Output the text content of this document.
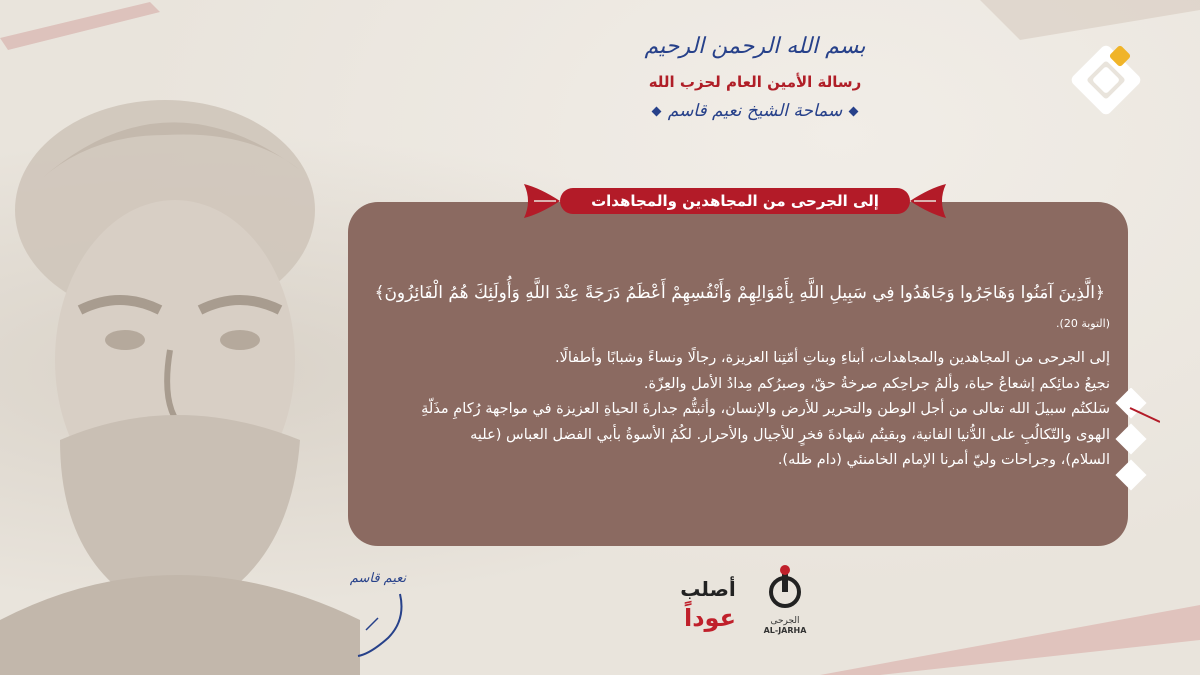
بسم الله الرحمن الرحيم
رسالة الأمين العام لحزب الله
سماحة الشيخ نعيم قاسم
إلى الجرحى من المجاهدين والمجاهدات
﴿الَّذِينَ آمَنُوا وَهَاجَرُوا وَجَاهَدُوا فِي سَبِيلِ اللَّهِ بِأَمْوَالِهِمْ وَأَنْفُسِهِمْ أَعْظَمُ دَرَجَةً عِنْدَ اللَّهِ وَأُولَئِكَ هُمُ الْفَائِزُونَ﴾
(التوبة 20).

إلى الجرحى من المجاهدين والمجاهدات، أبناءِ وبناتِ أمّتِنا العزيزة، رجالًا ونساءً وشبابًا وأطفالًا.

نجيعُ دمائِكم إشعاعُ حياة، وألمُ جراحِكم صرخةُ حقّ، وصبرُكم مِدادُ الأمل والعِزّة.

سَلكتُم سبيلَ الله تعالى من أجل الوطن والتحرير للأرض والإنسان، وأثبتُّم جدارةَ الحياةِ العزيزة في مواجهة رُكامِ مذَلّةِ الهوى والتّكالُبِ على الدُّنيا الفانية، وبقيتُم شهادةَ فخرٍ للأجيال والأحرار. لكُمُ الأسوةُ بأبي الفضل العباس (عليه السلام)، وجراحات وليّ أمرنا الإمام الخامنئي (دام ظله).

أصلب
عوداً	الجرحى
AL-JARHA
نعيم قاسم
